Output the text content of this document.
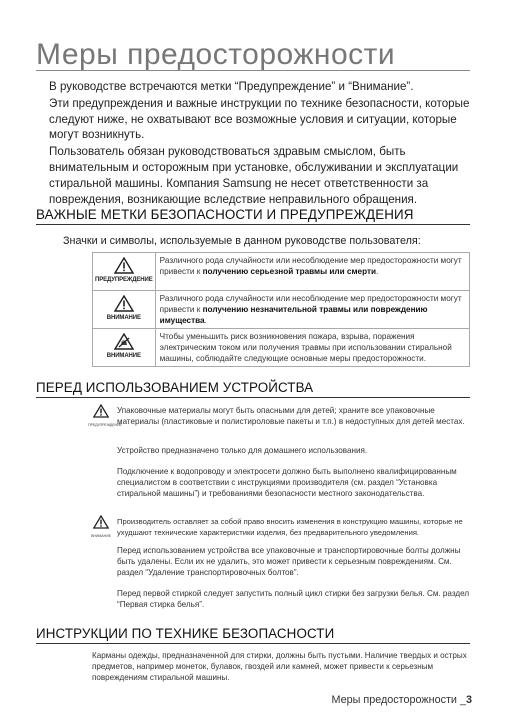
Меры предосторожности

В руководстве встречаются метки “Предупреждение” и “Внимание”.

Эти предупреждения и важные инструкции по технике безопасности, которые следуют ниже, не охватывают все возможные условия и ситуации, которые могут возникнуть.

Пользователь обязан руководствоваться здравым смыслом, быть внимательным и осторожным при установке, обслуживании и эксплуатации стиральной машины. Компания Samsung не несет ответственности за повреждения, возникающие вследствие неправильного обращения.

ВАЖНЫЕ МЕТКИ БЕЗОПАСНОСТИ И ПРЕДУПРЕЖДЕНИЯ
Значки и символы, используемые в данном руководстве пользователя:
ПРЕДУПРЕЖДЕНИЕ	Различного рода случайности или несоблюдение мер предосторожности могут привести к получению серьезной травмы или смерти.

ВНИМАНИЕ	Различного рода случайности или несоблюдение мер предосторожности могут привести к получению незначительной травмы или повреждению имущества.

ВНИМАНИЕ	Чтобы уменьшить риск возникновения пожара, взрыва, поражения электрическим током или получения травмы при использовании стиральной машины, соблюдайте следующие основные меры предосторожности.
ПЕРЕД ИСПОЛЬЗОВАНИЕМ УСТРОЙСТВА
ПРЕДУПРЕЖДЕНИЕ

Упаковочные материалы могут быть опасными для детей; храните все упаковочные материалы (пластиковые и полистироловые пакеты и т.п.) в недоступных для детей местах.

Устройство предназначено только для домашнего использования.

Подключение к водопроводу и электросети должно быть выполнено квалифицированным специалистом в соответствии с инструкциями производителя (см. раздел “Установка стиральной машины”) и требованиями безопасности местного законодательства.

ВНИМАНИЕ

Производитель оставляет за собой право вносить изменения в конструкцию машины, которые не ухудшают технические характеристики изделия, без предварительного уведомления.

Перед использованием устройства все упаковочные и транспортировочные болты должны быть удалены. Если их не удалить, это может привести к серьезным повреждениям. См. раздел “Удаление транспортировочных болтов”.

Перед первой стиркой следует запустить полный цикл стирки без загрузки белья. См. раздел “Первая стирка белья”.

ИНСТРУКЦИИ ПО ТЕХНИКЕ БЕЗОПАСНОСТИ

Карманы одежды, предназначенной для стирки, должны быть пустыми. Наличие твердых и острых предметов, например монеток, булавок, гвоздей или камней, может привести к серьезным повреждениям стиральной машины.

Меры предосторожности _3
